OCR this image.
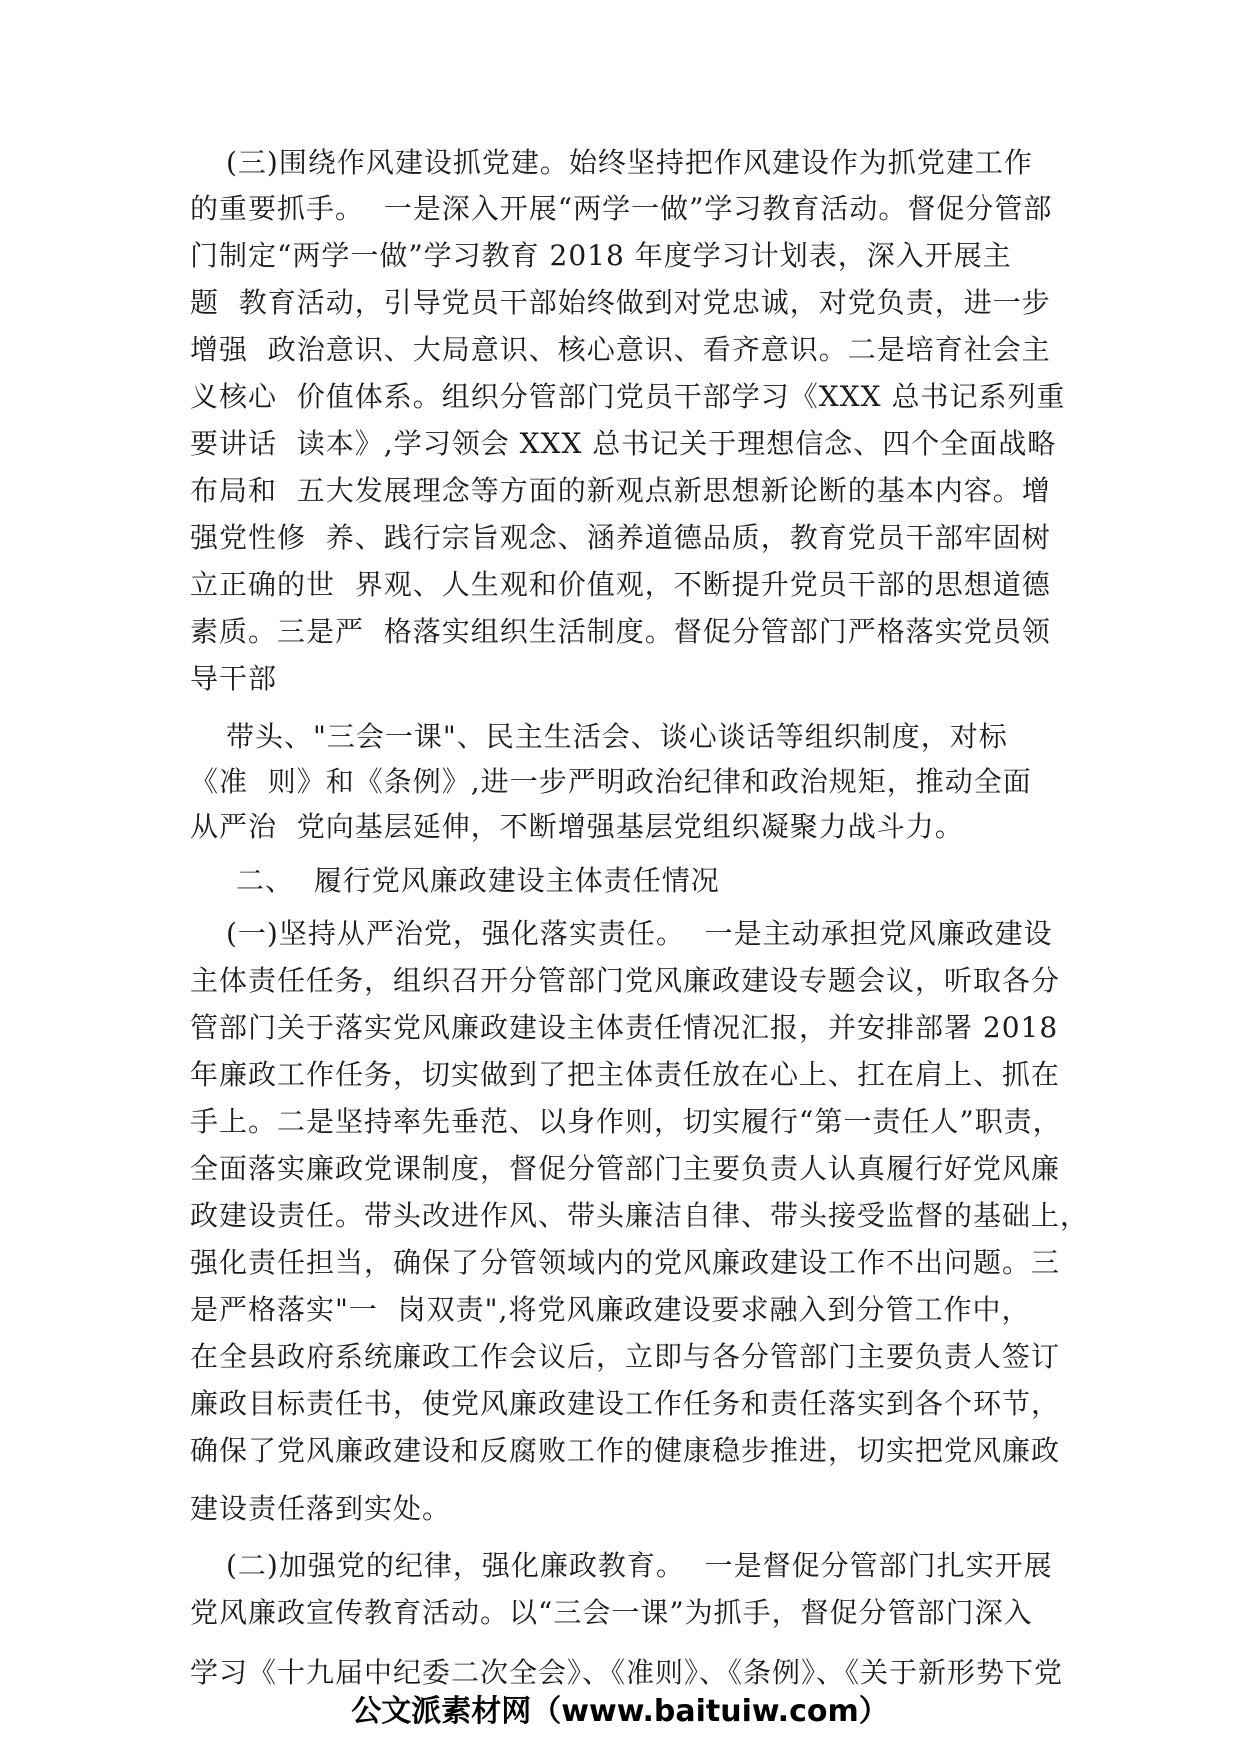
(三)围绕作风建设抓党建。始终坚持把作风建设作为抓党建工作
的重要抓手。  一是深入开展“两学一做”学习教育活动。督促分管部
门制定“两学一做”学习教育 2018 年度学习计划表，深入开展主
题  教育活动，引导党员干部始终做到对党忠诚，对党负责，进一步
增强  政治意识、大局意识、核心意识、看齐意识。二是培育社会主
义核心  价值体系。组织分管部门党员干部学习《XXX 总书记系列重
要讲话  读本》,学习领会 XXX 总书记关于理想信念、四个全面战略
布局和  五大发展理念等方面的新观点新思想新论断的基本内容。增
强党性修  养、践行宗旨观念、涵养道德品质，教育党员干部牢固树
立正确的世  界观、人生观和价值观，不断提升党员干部的思想道德
素质。三是严  格落实组织生活制度。督促分管部门严格落实党员领
导干部
带头、"三会一课"、民主生活会、谈心谈话等组织制度，对标
《准  则》和《条例》,进一步严明政治纪律和政治规矩，推动全面
从严治  党向基层延伸，不断增强基层党组织凝聚力战斗力。
二、  履行党风廉政建设主体责任情况
(一)坚持从严治党，强化落实责任。  一是主动承担党风廉政建设
主体责任任务，组织召开分管部门党风廉政建设专题会议，听取各分
管部门关于落实党风廉政建设主体责任情况汇报，并安排部署 2018
年廉政工作任务，切实做到了把主体责任放在心上、扛在肩上、抓在
手上。二是坚持率先垂范、以身作则，切实履行“第一责任人”职责，
全面落实廉政党课制度，督促分管部门主要负责人认真履行好党风廉
政建设责任。带头改进作风、带头廉洁自律、带头接受监督的基础上，
强化责任担当，确保了分管领域内的党风廉政建设工作不出问题。三
是严格落实"一  岗双责",将党风廉政建设要求融入到分管工作中，
在全县政府系统廉政工作会议后，立即与各分管部门主要负责人签订
廉政目标责任书，使党风廉政建设工作任务和责任落实到各个环节，
确保了党风廉政建设和反腐败工作的健康稳步推进，切实把党风廉政
建设责任落到实处。
(二)加强党的纪律，强化廉政教育。  一是督促分管部门扎实开展
党风廉政宣传教育活动。以“三会一课”为抓手，督促分管部门深入
学习《十九届中纪委二次全会》、《准则》、《条例》、《关于新形势下党
公文派素材网（www.baituiw.com）
